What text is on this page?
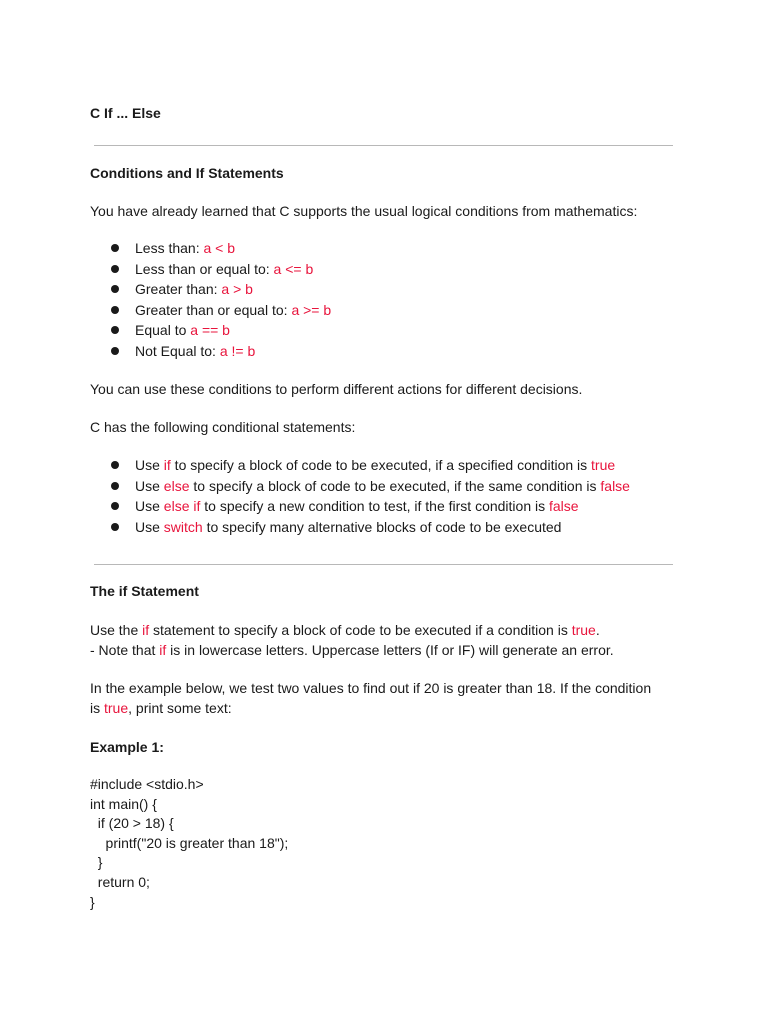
C If ... Else
Conditions and If Statements
You have already learned that C supports the usual logical conditions from mathematics:
Less than: a < b
Less than or equal to: a <= b
Greater than: a > b
Greater than or equal to: a >= b
Equal to a == b
Not Equal to: a != b
You can use these conditions to perform different actions for different decisions.
C has the following conditional statements:
Use if to specify a block of code to be executed, if a specified condition is true
Use else to specify a block of code to be executed, if the same condition is false
Use else if to specify a new condition to test, if the first condition is false
Use switch to specify many alternative blocks of code to be executed
The if Statement
Use the if statement to specify a block of code to be executed if a condition is true.
- Note that if is in lowercase letters. Uppercase letters (If or IF) will generate an error.
In the example below, we test two values to find out if 20 is greater than 18. If the condition
is true, print some text:
Example 1:
#include <stdio.h>
int main() {
if (20 > 18) {
printf("20 is greater than 18");
}
return 0;
}
